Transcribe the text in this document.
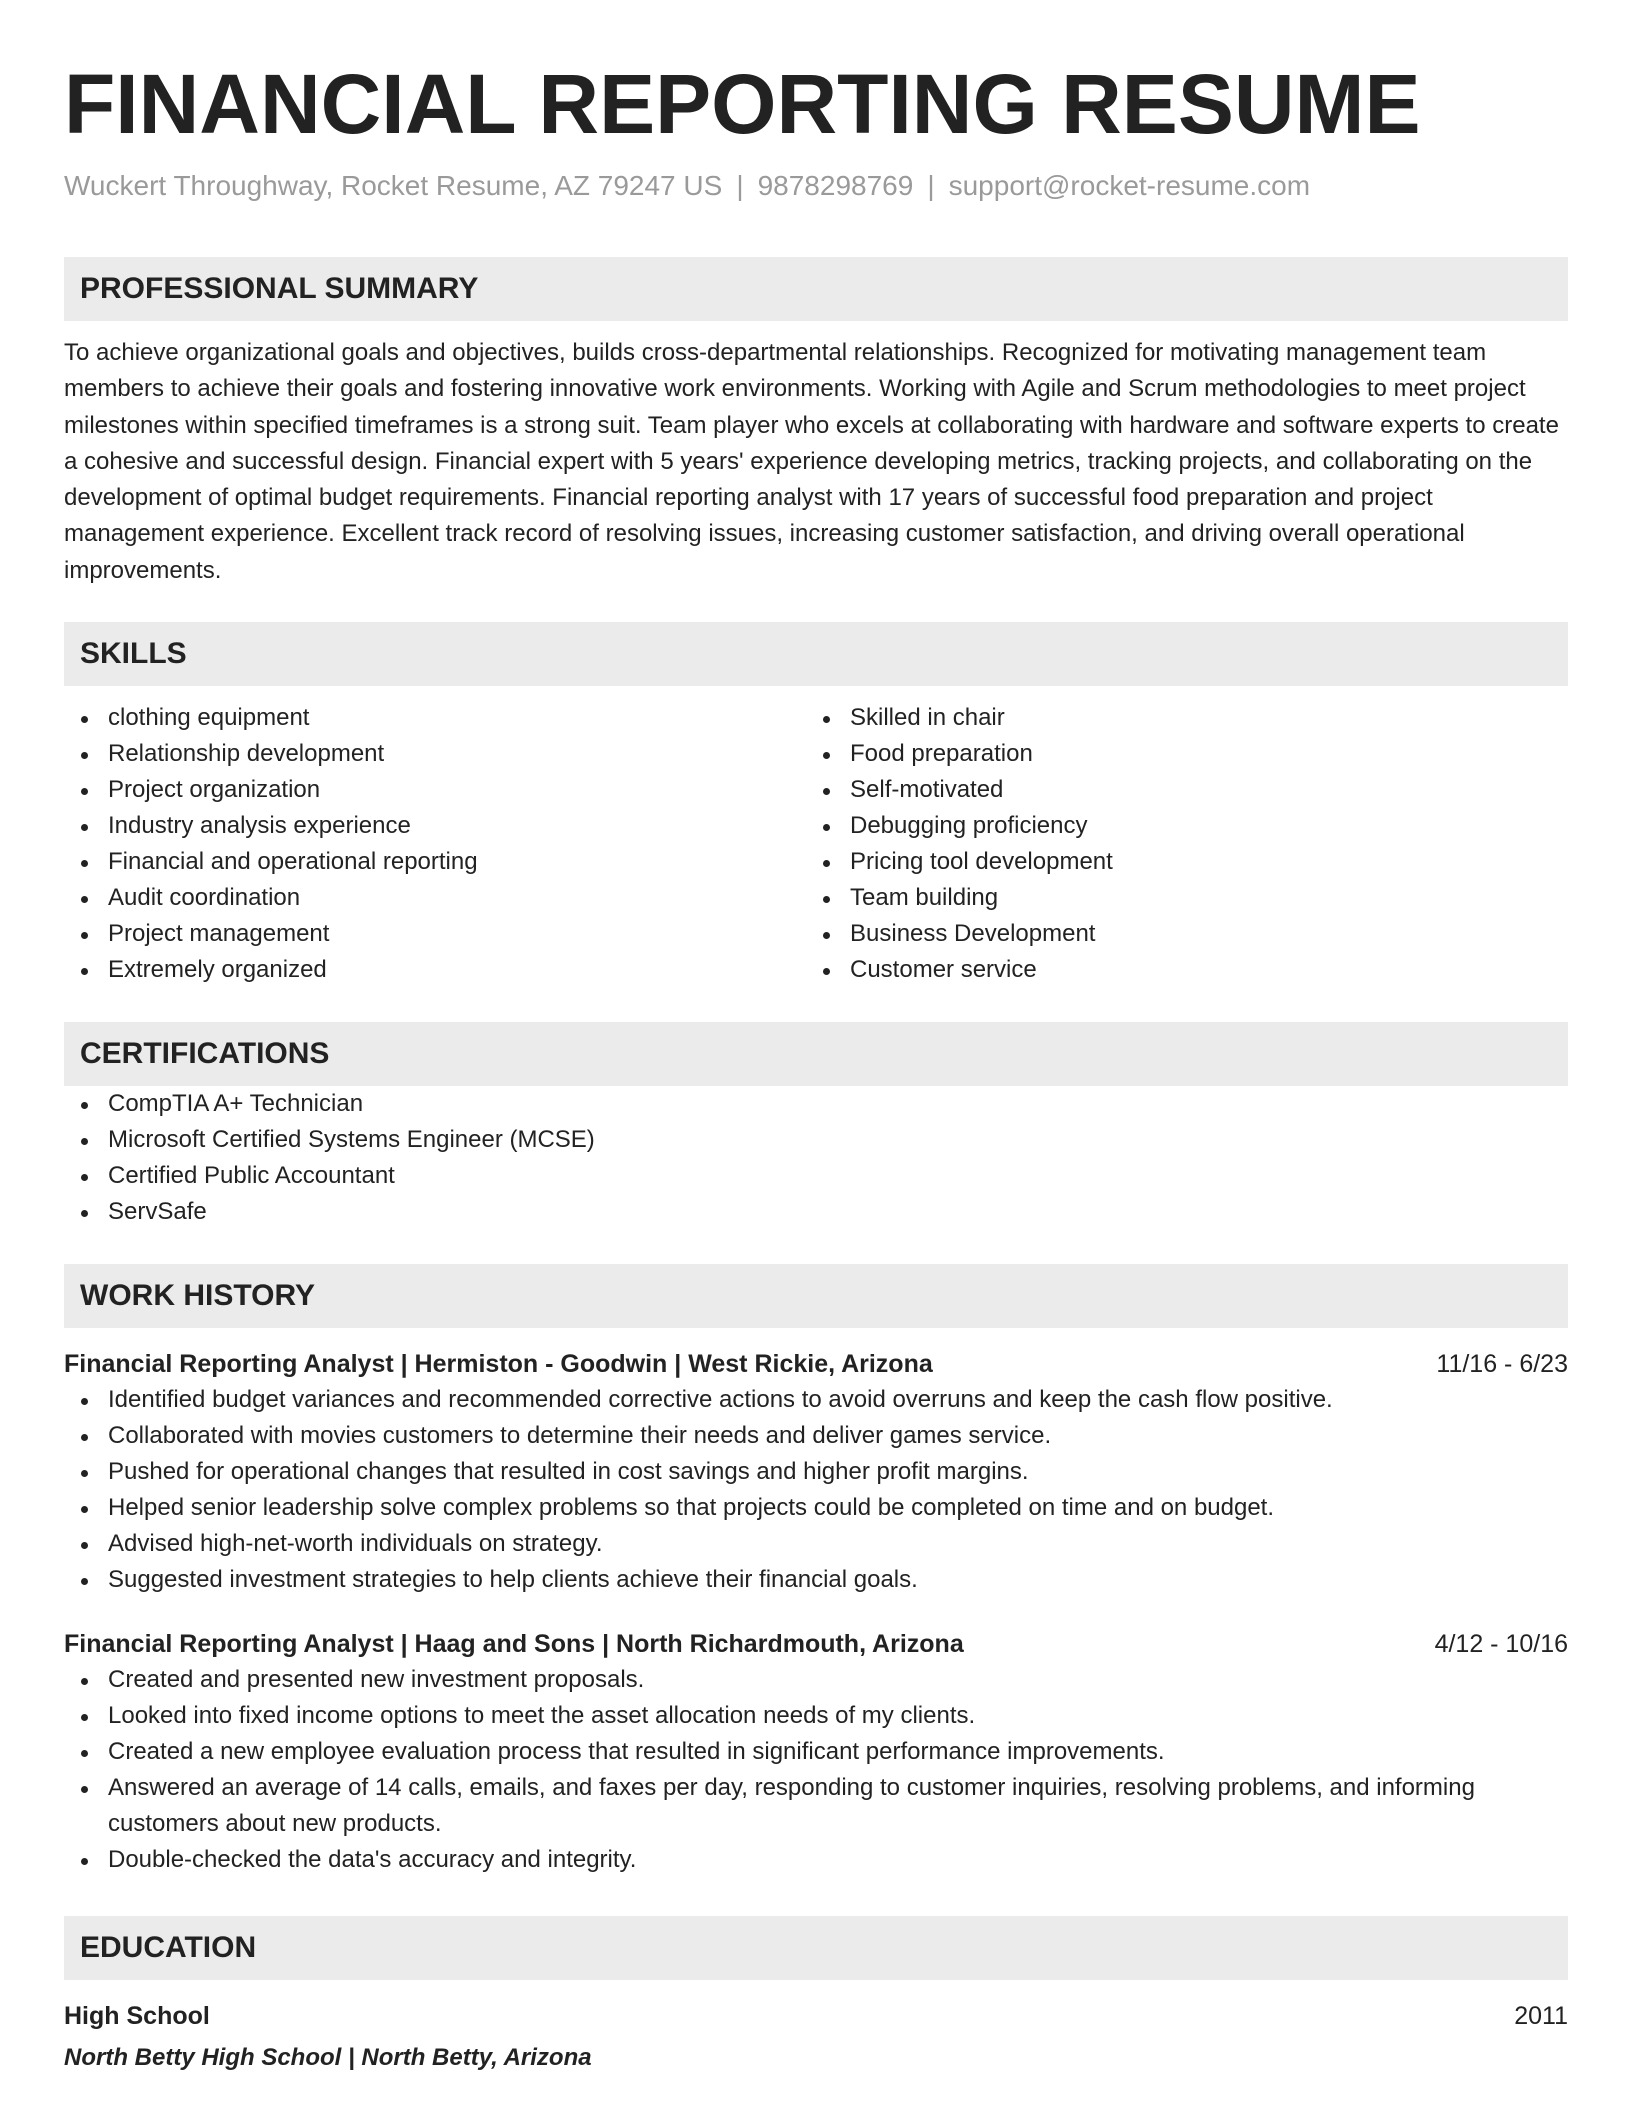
FINANCIAL REPORTING RESUME
Wuckert Throughway, Rocket Resume, AZ 79247 US | 9878298769 | support@rocket-resume.com
PROFESSIONAL SUMMARY
To achieve organizational goals and objectives, builds cross-departmental relationships. Recognized for motivating management team members to achieve their goals and fostering innovative work environments. Working with Agile and Scrum methodologies to meet project milestones within specified timeframes is a strong suit. Team player who excels at collaborating with hardware and software experts to create a cohesive and successful design. Financial expert with 5 years' experience developing metrics, tracking projects, and collaborating on the development of optimal budget requirements. Financial reporting analyst with 17 years of successful food preparation and project management experience. Excellent track record of resolving issues, increasing customer satisfaction, and driving overall operational improvements.
SKILLS
clothing equipment
Relationship development
Project organization
Industry analysis experience
Financial and operational reporting
Audit coordination
Project management
Extremely organized
Skilled in chair
Food preparation
Self-motivated
Debugging proficiency
Pricing tool development
Team building
Business Development
Customer service
CERTIFICATIONS
CompTIA A+ Technician
Microsoft Certified Systems Engineer (MCSE)
Certified Public Accountant
ServSafe
WORK HISTORY
Financial Reporting Analyst | Hermiston - Goodwin | West Rickie, Arizona	11/16 - 6/23
Identified budget variances and recommended corrective actions to avoid overruns and keep the cash flow positive.
Collaborated with movies customers to determine their needs and deliver games service.
Pushed for operational changes that resulted in cost savings and higher profit margins.
Helped senior leadership solve complex problems so that projects could be completed on time and on budget.
Advised high-net-worth individuals on strategy.
Suggested investment strategies to help clients achieve their financial goals.
Financial Reporting Analyst | Haag and Sons | North Richardmouth, Arizona	4/12 - 10/16
Created and presented new investment proposals.
Looked into fixed income options to meet the asset allocation needs of my clients.
Created a new employee evaluation process that resulted in significant performance improvements.
Answered an average of 14 calls, emails, and faxes per day, responding to customer inquiries, resolving problems, and informing customers about new products.
Double-checked the data's accuracy and integrity.
EDUCATION
High School	2011
North Betty High School | North Betty, Arizona
